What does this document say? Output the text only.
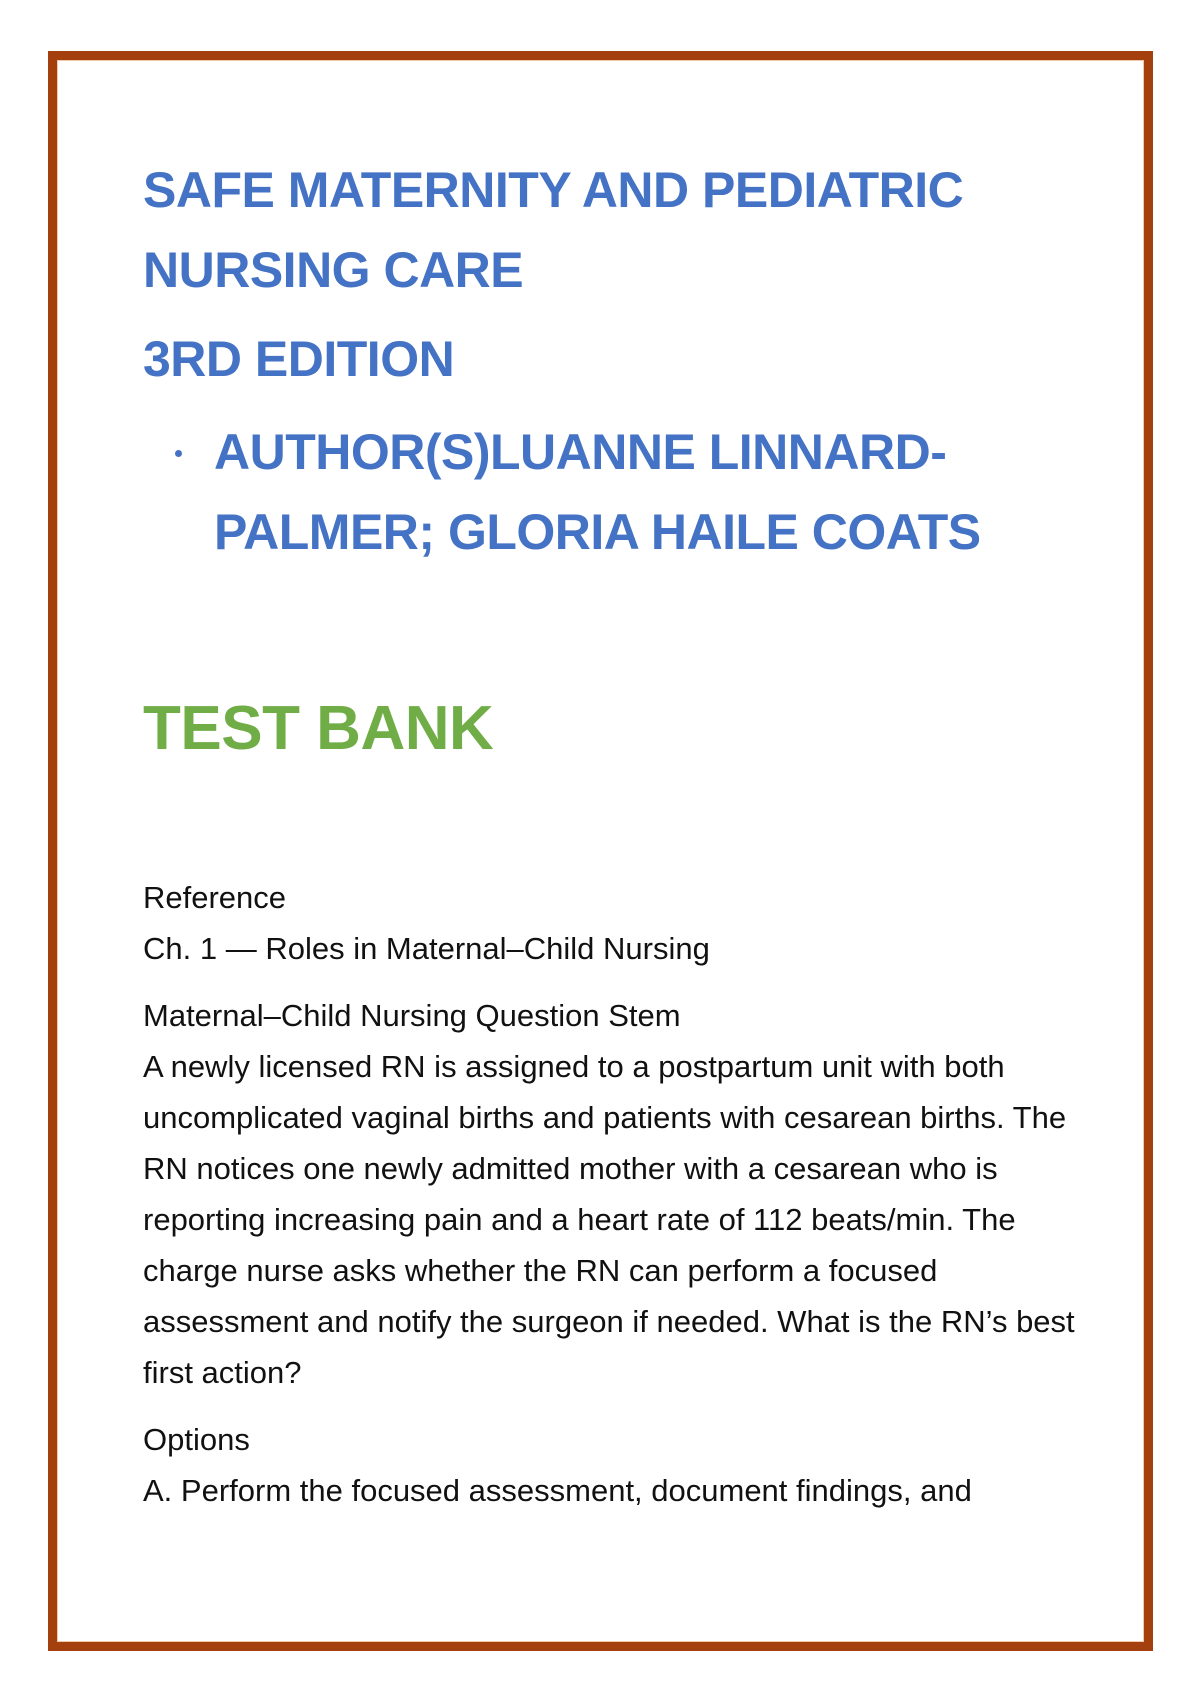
SAFE MATERNITY AND PEDIATRIC

NURSING CARE

3RD EDITION

AUTHOR(S)LUANNE LINNARD-PALMER; GLORIA HAILE COATS

TEST BANK

Reference

Ch. 1 — Roles in Maternal–Child Nursing

Maternal–Child Nursing Question Stem

A newly licensed RN is assigned to a postpartum unit with both uncomplicated vaginal births and patients with cesarean births. The RN notices one newly admitted mother with a cesarean who is reporting increasing pain and a heart rate of 112 beats/min. The charge nurse asks whether the RN can perform a focused assessment and notify the surgeon if needed. What is the RN’s best first action?

Options

A. Perform the focused assessment, document findings, and
